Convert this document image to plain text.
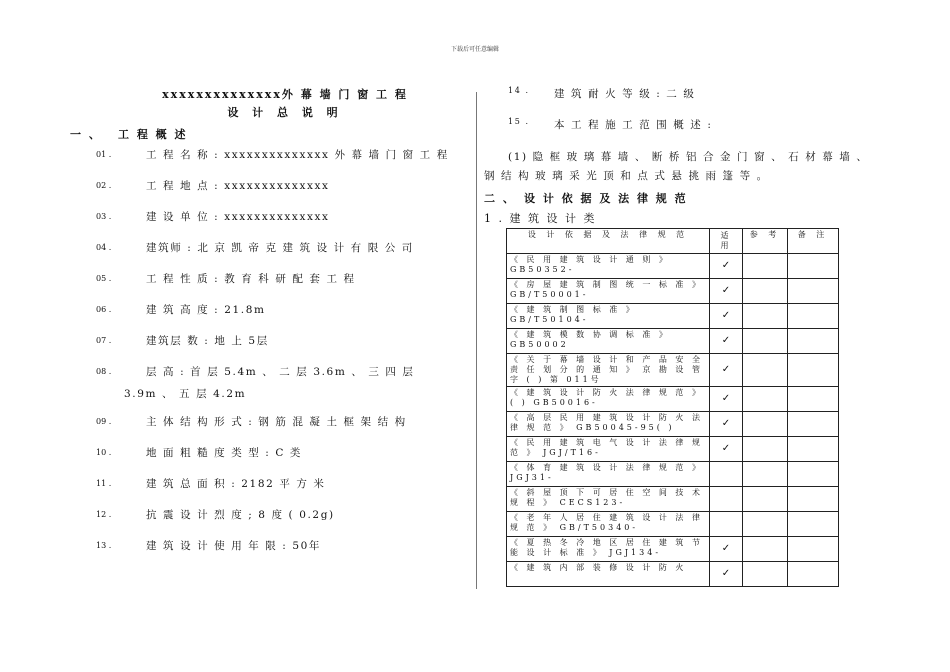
下载后可任意编辑
xxxxxxxxxxxxxx外 幕 墙 门 窗 工 程
设 计 总 说 明
一 、 工 程 概 述
01 .	工 程 名 称 : xxxxxxxxxxxxxx 外 幕 墙 门 窗 工 程
02 .	工 程 地 点 : xxxxxxxxxxxxxx
03 .	建 设 单 位 : xxxxxxxxxxxxxx
04 .	建筑师 : 北 京 凯 帝 克 建 筑 设 计 有 限 公 司
05 .	工 程 性 质 : 教 育 科 研 配 套 工 程
06 .	建 筑 高 度 : 21.8m
07 .	建筑层 数 : 地 上 5层
08 .	层 高 : 首 层 5.4m 、 二 层 3.6m 、 三 四 层
3.9m 、 五 层 4.2m
09 .	主 体 结 构 形 式 : 钢 筋 混 凝 土 框 架 结 构
10 .	地 面 粗 糙 度 类 型 : C 类
11 .	建 筑 总 面 积 : 2182 平 方 米
12 .	抗 震 设 计 烈 度 ; 8 度 ( 0.2g)
13 .	建 筑 设 计 使 用 年 限 : 50年
14 .	建 筑 耐 火 等 级 : 二 级
15 .	本 工 程 施 工 范 围 概 述 :
(1) 隐 框 玻 璃 幕 墙 、 断 桥 铝 合 金 门 窗 、 石 材 幕 墙 、
钢 结 构 玻 璃 采 光 顶 和 点 式 悬 挑 雨 篷 等 。
二 、 设 计 依 据 及 法 律 规 范
1 . 建 筑 设 计 类
设 计 依 据 及 法 律 规 范	适 用	参 考	备 注
《 民 用 建 筑 设 计 通 则 》 GB50352-	✓		
《 房 屋 建 筑 制 图 统 一 标 准 》 GB/T50001-	✓		
《 建 筑 制 图 标 准 》 GB/T50104-	✓		
《 建 筑 模 数 协 调 标 准 》 GB50002	✓		
《 关 于 幕 墙 设 计 和 产 品 安 全 责 任 划 分 的 通 知 》 京 勘 设 管 字 ( ) 第 011号	✓		
《 建 筑 设 计 防 火 法 律 规 范 》 ( ) GB50016-	✓		
《 高 层 民 用 建 筑 设 计 防 火 法 律 规 范 》 GB50045-95( )	✓		
《 民 用 建 筑 电 气 设 计 法 律 规 范 》 JGJ/T16-	✓		
《 体 育 建 筑 设 计 法 律 规 范 》 JGJ31-			
《 斜 屋 顶 下 可 居 住 空 间 技 术 规 程 》 CECS123-			
《 老 年 人 居 住 建 筑 设 计 法 律 规 范 》 GB/T50340-			
《 夏 热 冬 冷 地 区 居 住 建 筑 节 能 设 计 标 准 》 JGJ134-	✓		
《 建 筑 内 部 装 修 设 计 防 火	✓		
